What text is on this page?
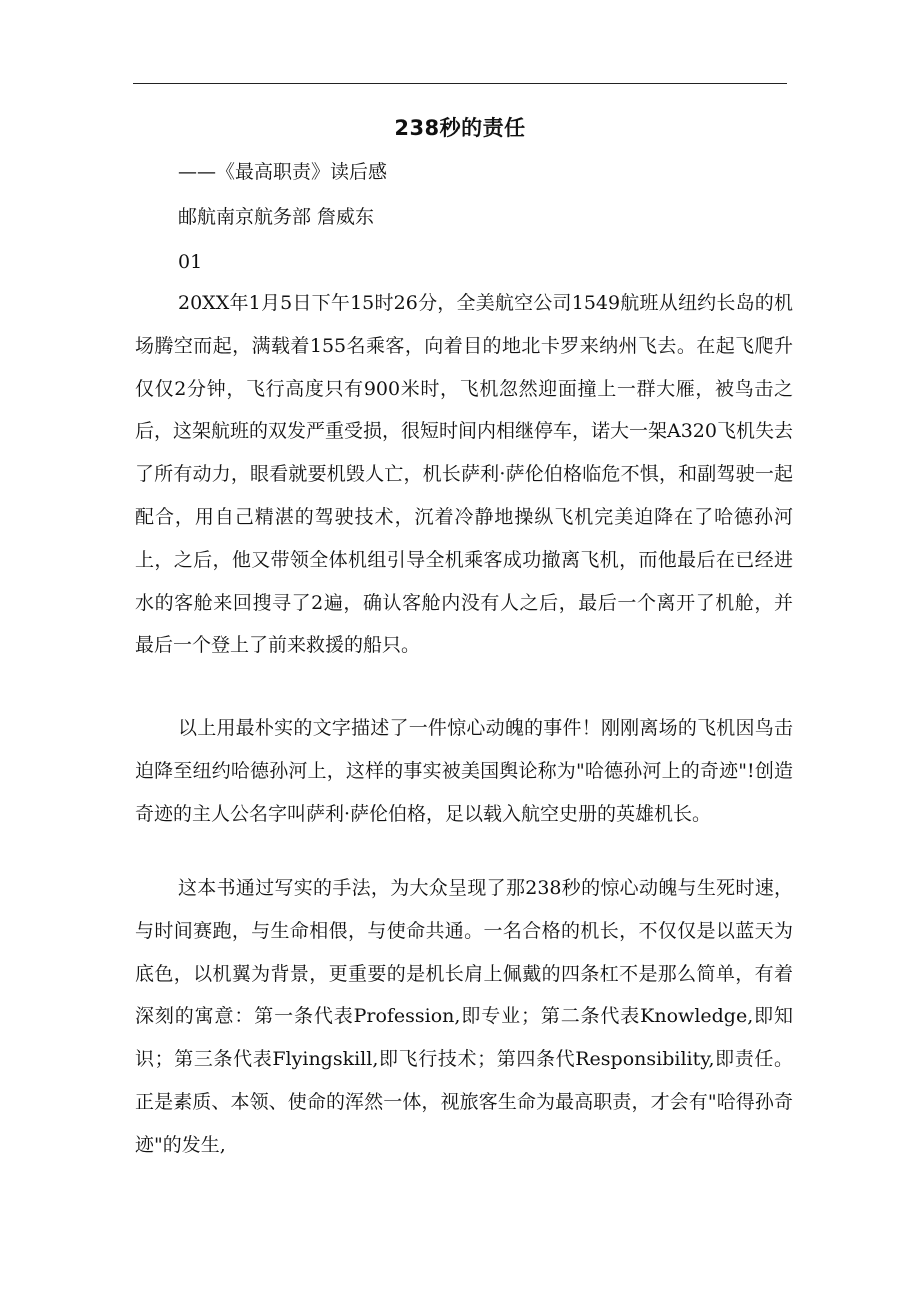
238秒的责任
——《最高职责》读后感
邮航南京航务部 詹威东
01
20XX年1月5日下午15时26分，全美航空公司1549航班从纽约长岛的机场腾空而起，满载着155名乘客，向着目的地北卡罗来纳州飞去。在起飞爬升仅仅2分钟，飞行高度只有900米时，飞机忽然迎面撞上一群大雁，被鸟击之后，这架航班的双发严重受损，很短时间内相继停车，诺大一架A320飞机失去了所有动力，眼看就要机毁人亡，机长萨利·萨伦伯格临危不惧，和副驾驶一起配合，用自己精湛的驾驶技术，沉着冷静地操纵飞机完美迫降在了哈德孙河上，之后，他又带领全体机组引导全机乘客成功撤离飞机，而他最后在已经进水的客舱来回搜寻了2遍，确认客舱内没有人之后，最后一个离开了机舱，并最后一个登上了前来救援的船只。
以上用最朴实的文字描述了一件惊心动魄的事件！刚刚离场的飞机因鸟击迫降至纽约哈德孙河上，这样的事实被美国舆论称为"哈德孙河上的奇迹"!创造奇迹的主人公名字叫萨利·萨伦伯格，足以载入航空史册的英雄机长。
这本书通过写实的手法，为大众呈现了那238秒的惊心动魄与生死时速，与时间赛跑，与生命相偎，与使命共通。一名合格的机长，不仅仅是以蓝天为底色，以机翼为背景，更重要的是机长肩上佩戴的四条杠不是那么简单，有着深刻的寓意：第一条代表Profession,即专业；第二条代表Knowledge,即知识；第三条代表Flyingskill,即飞行技术；第四条代Responsibility,即责任。正是素质、本领、使命的浑然一体，视旅客生命为最高职责，才会有"哈得孙奇迹"的发生,
